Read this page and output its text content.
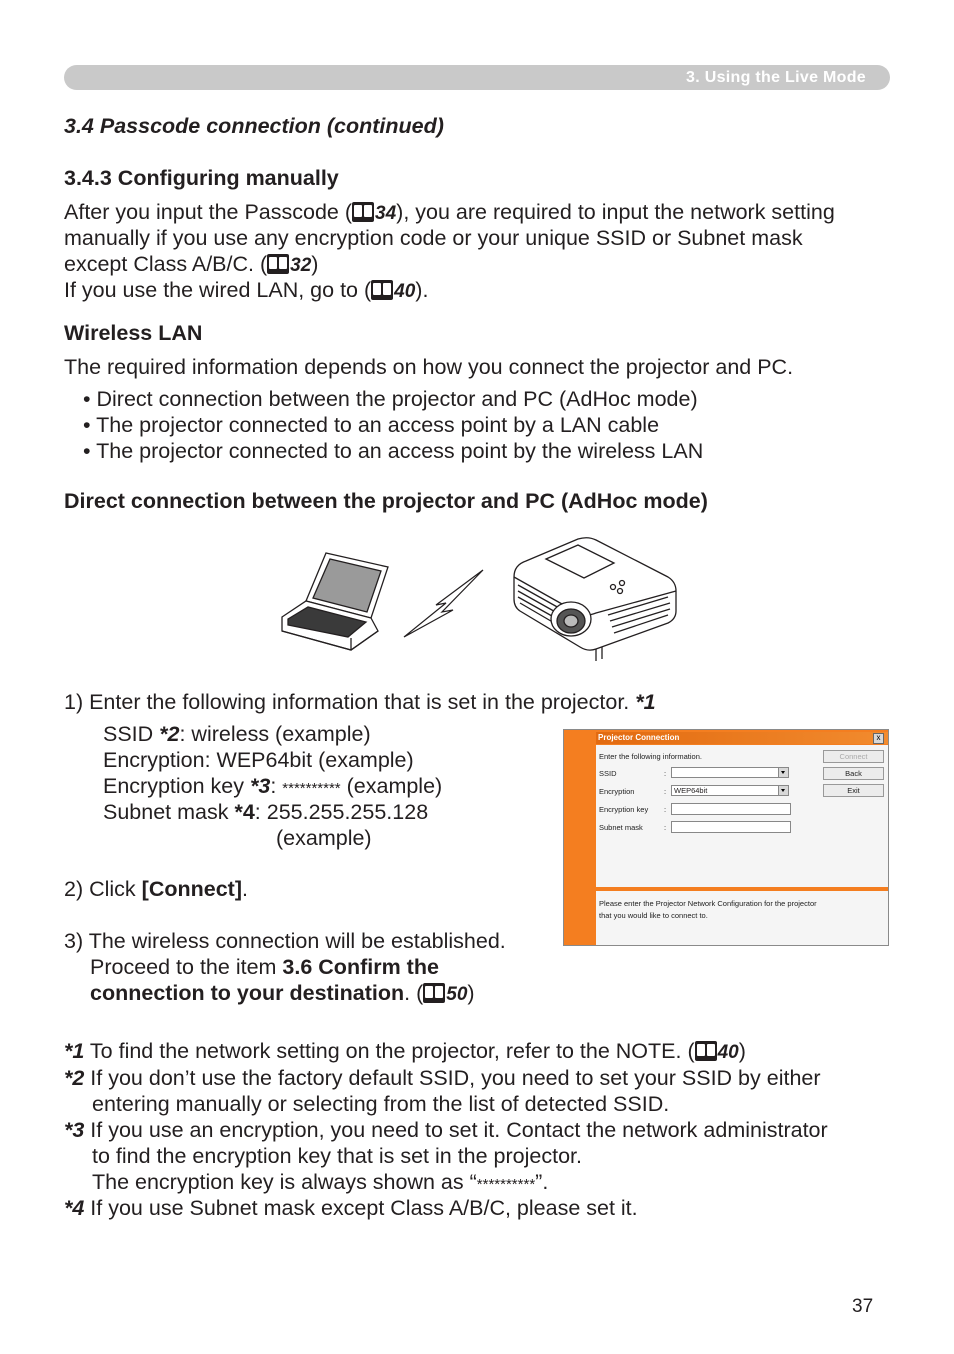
3. Using the Live Mode
3.4 Passcode connection (continued)
3.4.3 Configuring manually
After you input the Passcode ( 34), you are required to input the network setting
manually if you use any encryption code or your unique SSID or Subnet mask
except Class A/B/C. ( 32)
If you use the wired LAN, go to ( 40).
Wireless LAN
The required information depends on how you connect the projector and PC.
• Direct connection between the projector and PC (AdHoc mode)
• The projector connected to an access point by a LAN cable
• The projector connected to an access point by the wireless LAN
Direct connection between the projector and PC (AdHoc mode)
1) Enter the following information that is set in the projector. *1
SSID *2: wireless (example)
Encryption: WEP64bit (example)
Encryption key *3: ********** (example)
Subnet mask *4: 255.255.255.128
(example)
2) Click [Connect].
3) The wireless connection will be established.
Proceed to the item 3.6 Confirm the
connection to your destination. ( 50)
Projector Connection	x
Enter the following information.
SSID	:
Encryption	:	WEP64bit
Encryption key :
Subnet mask	:
Connect
Back
Exit
Please enter the Projector Network Configuration for the projector
that you would like to connect to.
*1 To find the network setting on the projector, refer to the NOTE. ( 40)
*2 If you don’t use the factory default SSID, you need to set your SSID by either
entering manually or selecting from the list of detected SSID.
*3 If you use an encryption, you need to set it. Contact the network administrator
to find the encryption key that is set in the projector.
The encryption key is always shown as “**********”.
*4 If you use Subnet mask except Class A/B/C, please set it.
37
